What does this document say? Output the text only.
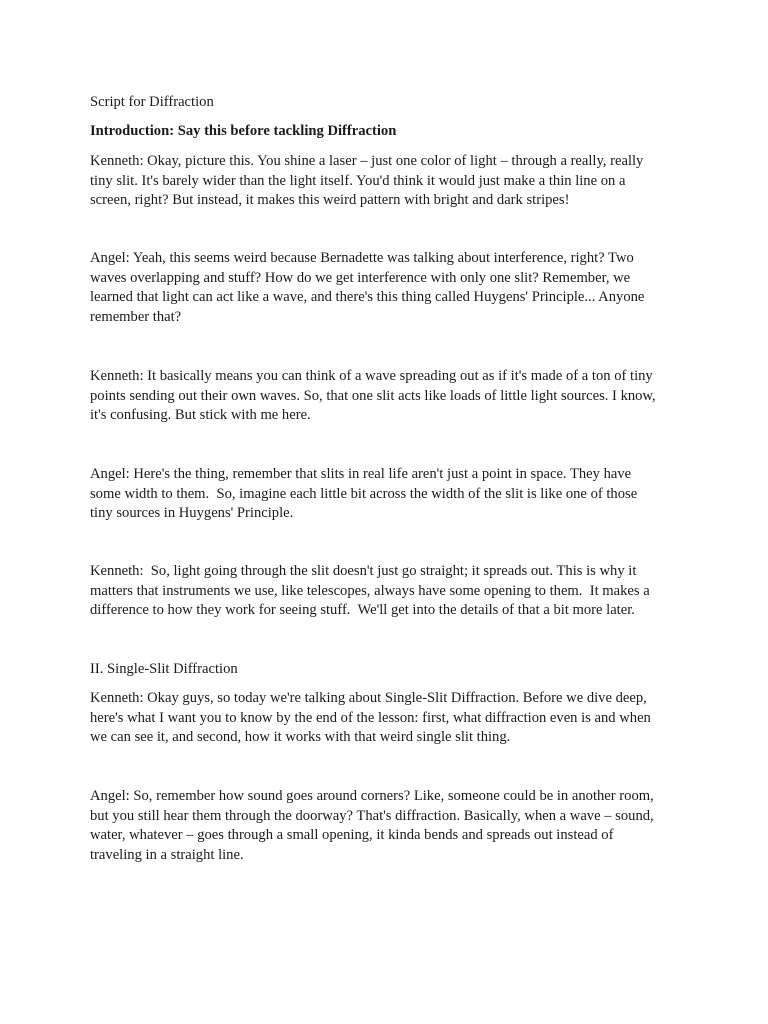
Script for Diffraction

Introduction: Say this before tackling Diffraction

Kenneth: Okay, picture this. You shine a laser – just one color of light – through a really, really

tiny slit. It's barely wider than the light itself. You'd think it would just make a thin line on a

screen, right? But instead, it makes this weird pattern with bright and dark stripes!

Angel: Yeah, this seems weird because Bernadette was talking about interference, right? Two

waves overlapping and stuff? How do we get interference with only one slit? Remember, we

learned that light can act like a wave, and there's this thing called Huygens' Principle... Anyone

remember that?

Kenneth: It basically means you can think of a wave spreading out as if it's made of a ton of tiny

points sending out their own waves. So, that one slit acts like loads of little light sources. I know,

it's confusing. But stick with me here.

Angel: Here's the thing, remember that slits in real life aren't just a point in space. They have

some width to them.  So, imagine each little bit across the width of the slit is like one of those

tiny sources in Huygens' Principle.

Kenneth:  So, light going through the slit doesn't just go straight; it spreads out. This is why it

matters that instruments we use, like telescopes, always have some opening to them.  It makes a

difference to how they work for seeing stuff.  We'll get into the details of that a bit more later.

II. Single-Slit Diffraction

Kenneth: Okay guys, so today we're talking about Single-Slit Diffraction. Before we dive deep,

here's what I want you to know by the end of the lesson: first, what diffraction even is and when

we can see it, and second, how it works with that weird single slit thing.

Angel: So, remember how sound goes around corners? Like, someone could be in another room,

but you still hear them through the doorway? That's diffraction. Basically, when a wave – sound,

water, whatever – goes through a small opening, it kinda bends and spreads out instead of

traveling in a straight line.
